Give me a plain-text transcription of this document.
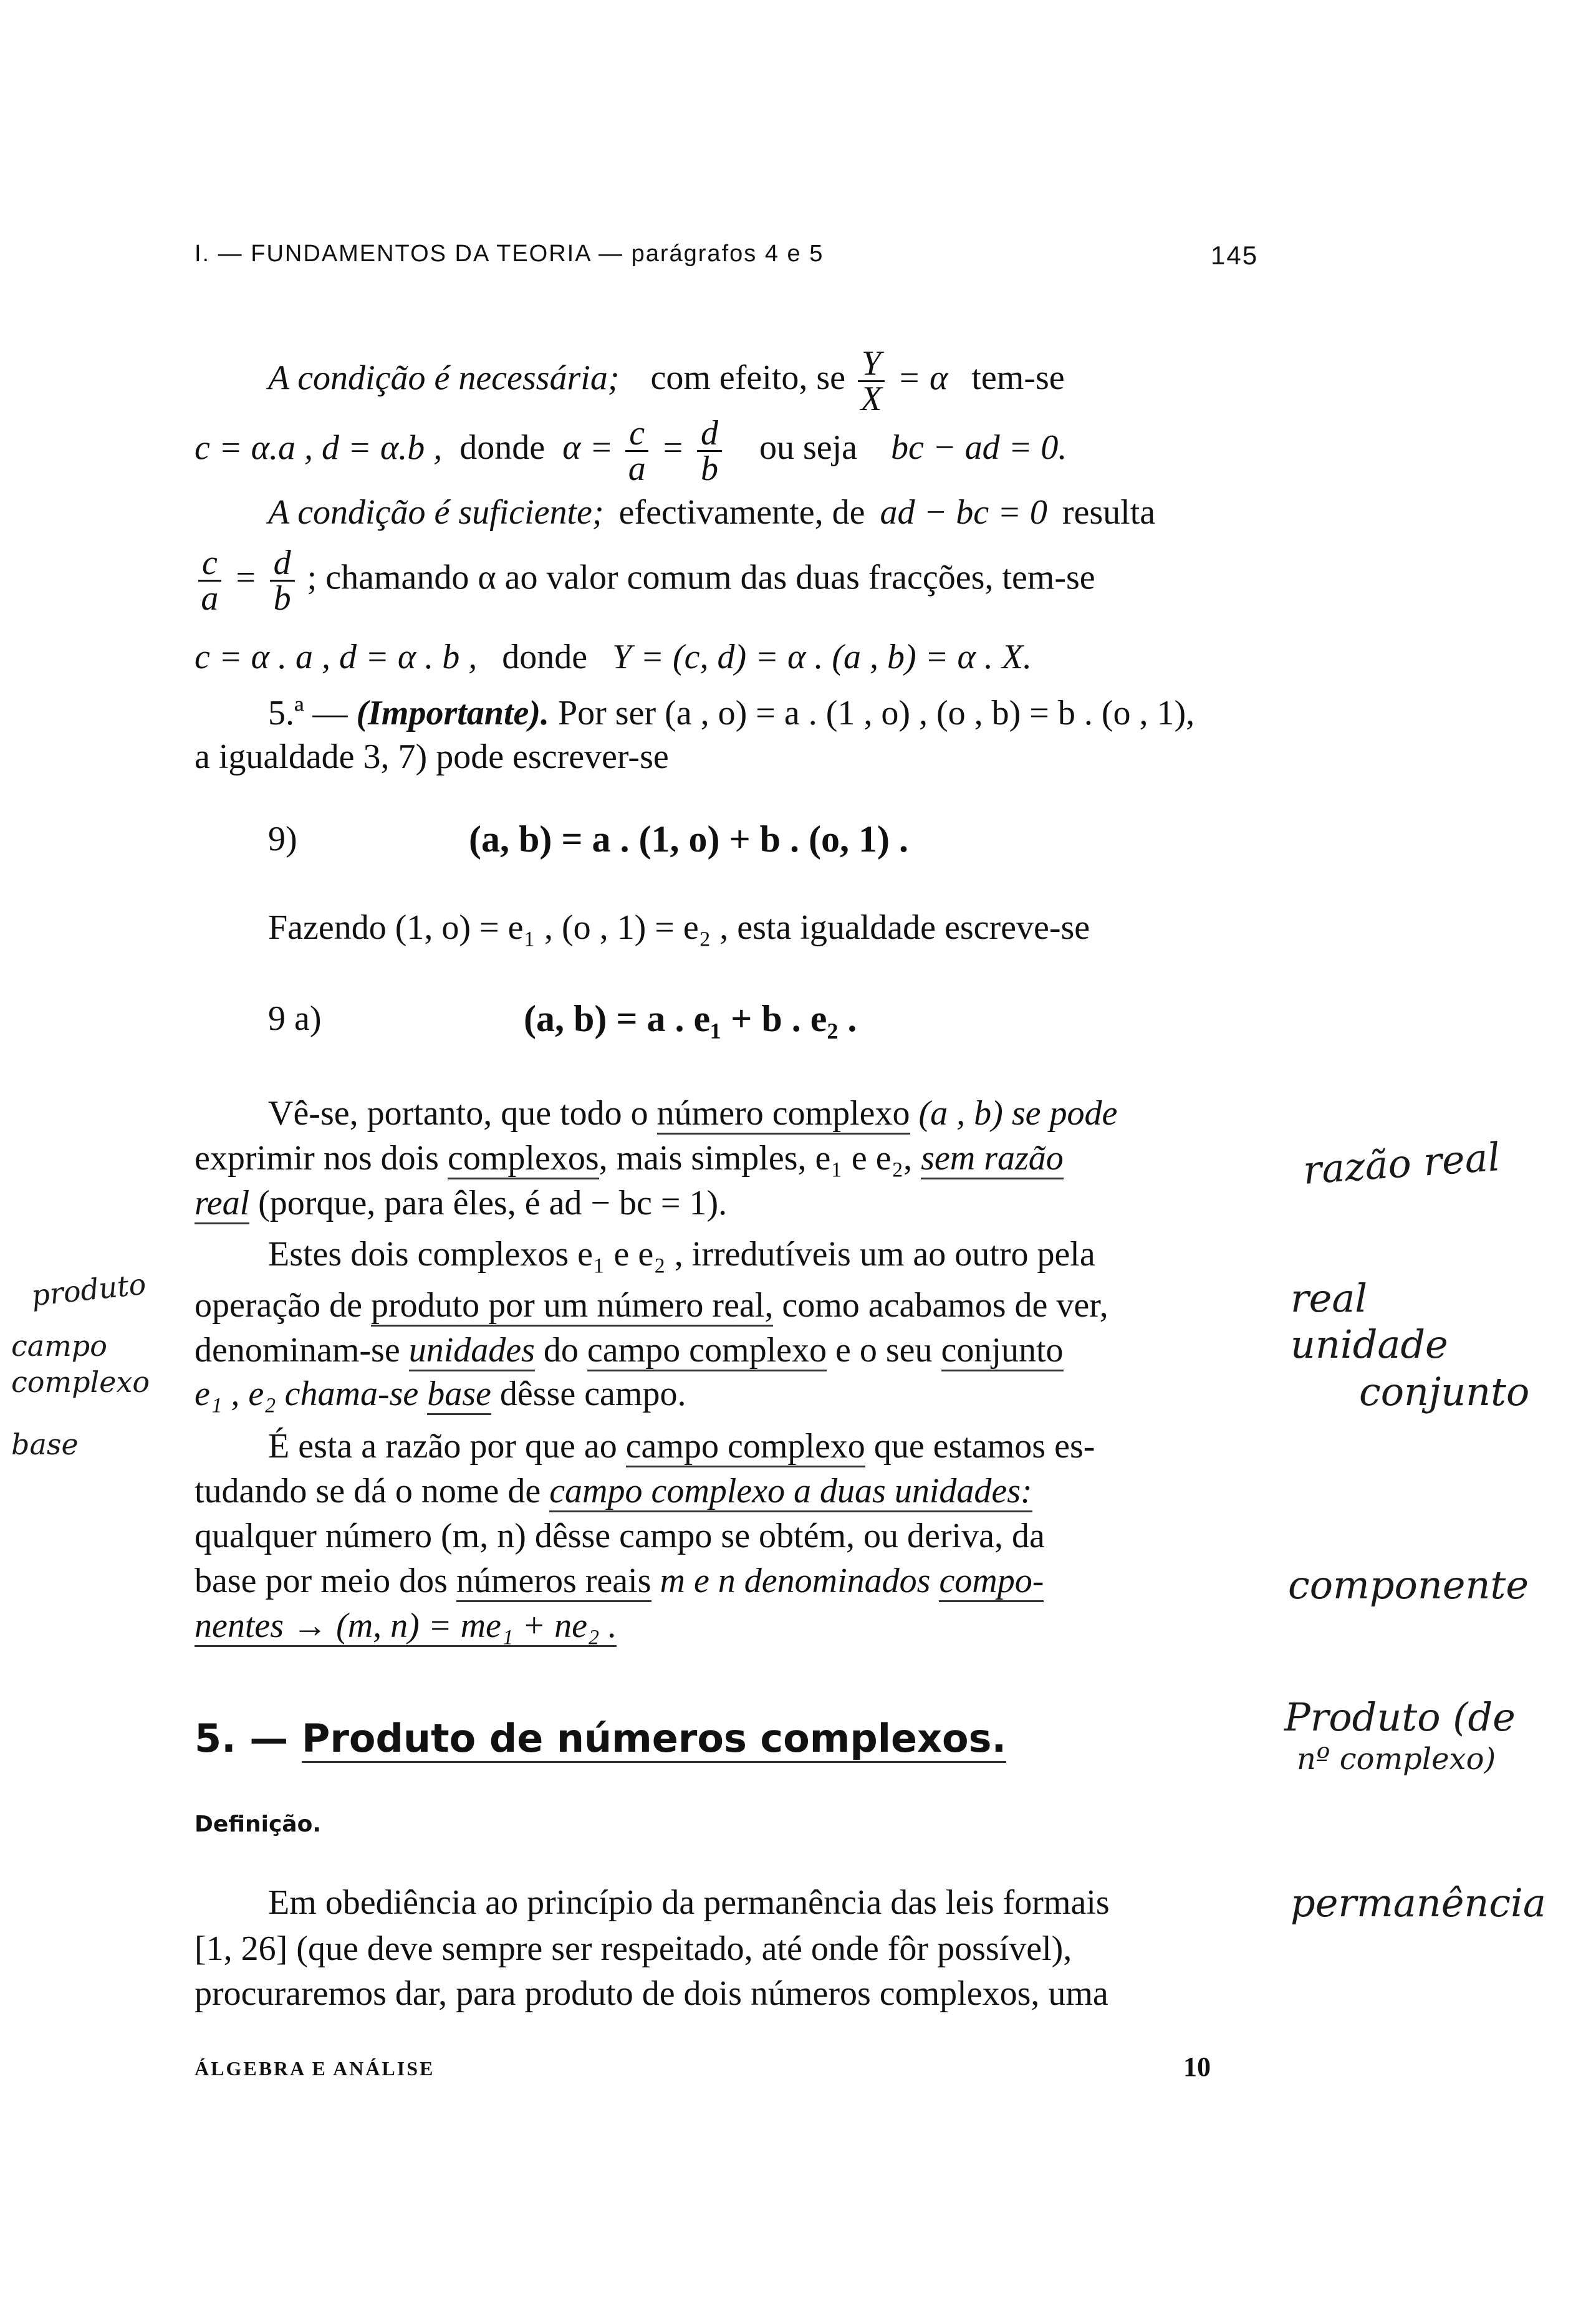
I. — FUNDAMENTOS DA TEORIA — parágrafos 4 e 5	145
A condição é necessária; com efeito, se $\frac{Y}{X} = \alpha$ tem-se
c = α.a , d = α.b , donde $\alpha = \frac{c}{a} = \frac{d}{b}$ ou seja bc − ad = 0.
A condição é suficiente; efectivamente, de ad − bc = 0 resulta
$\frac{c}{a} = \frac{d}{b}$ ; chamando α ao valor comum das duas fracções, tem-se
c = α . a , d = α . b , donde Y = (c, d) = α . (a , b) = α . X.
5.ª — (Importante). Por ser (a , o) = a . (1 , o) , (o , b) = b . (o , 1),
a igualdade 3, 7) pode escrever-se
9)	(a, b) = a . (1, o) + b . (o, 1) .
Fazendo (1, o) = e₁ , (o , 1) = e₂ , esta igualdade escreve-se
9 a)	(a, b) = a . e₁ + b . e₂ .
Vê-se, portanto, que todo o número complexo (a , b) se pode
exprimir nos dois complexos, mais simples, e₁ e e₂, sem razão
real (porque, para êles, é ad − bc = 1).
Estes dois complexos e₁ e e₂ , irredutíveis um ao outro pela
operação de produto por um número real, como acabamos de ver,
denominam-se unidades do campo complexo e o seu conjunto
e₁ , e₂ chama-se base dêsse campo.
É esta a razão por que ao campo complexo que estamos es-
tudando se dá o nome de campo complexo a duas unidades:
qualquer número (m, n) dêsse campo se obtém, ou deriva, da
base por meio dos números reais m e n denominados compo-
nentes → (m, n) = me₁ + ne₂ .
5. — Produto de números complexos.
Definição.
Em obediência ao princípio da permanência das leis formais
[1, 26] (que deve sempre ser respeitado, até onde fôr possível),
procuraremos dar, para produto de dois números complexos, uma
ÁLGEBRA E ANÁLISE	10
razão real
real
unidade
conjunto
componente
Produto (de
nº complexo)
permanência
produto
campo
complexo
base
